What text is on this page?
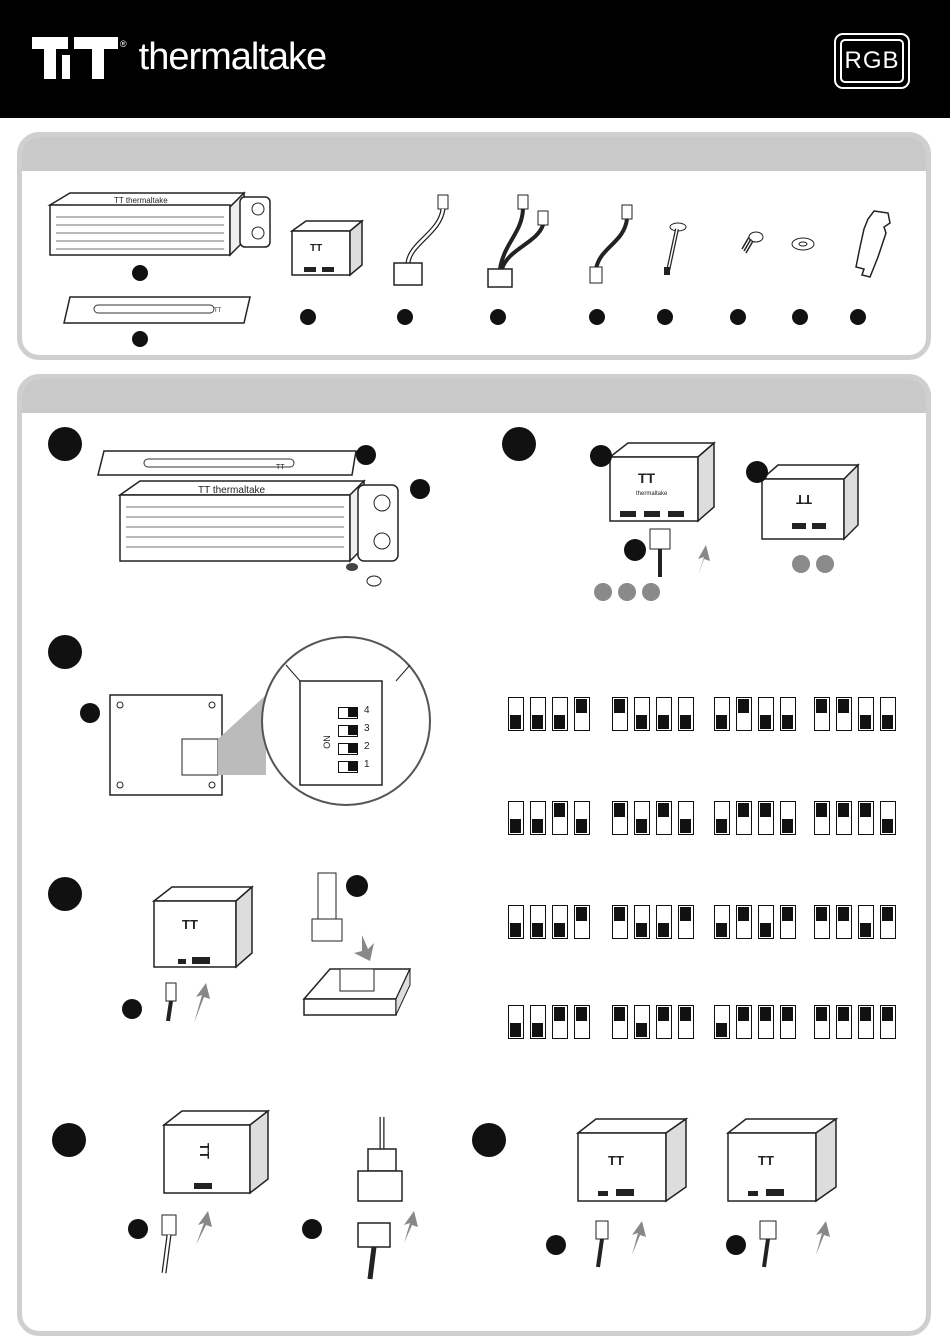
® thermaltake	RGB
TT thermaltake
TT
TT
TT
TT thermaltake
TT
thermaltake	TT
4
3
2
1
ON
TT
TT
TT	TT
